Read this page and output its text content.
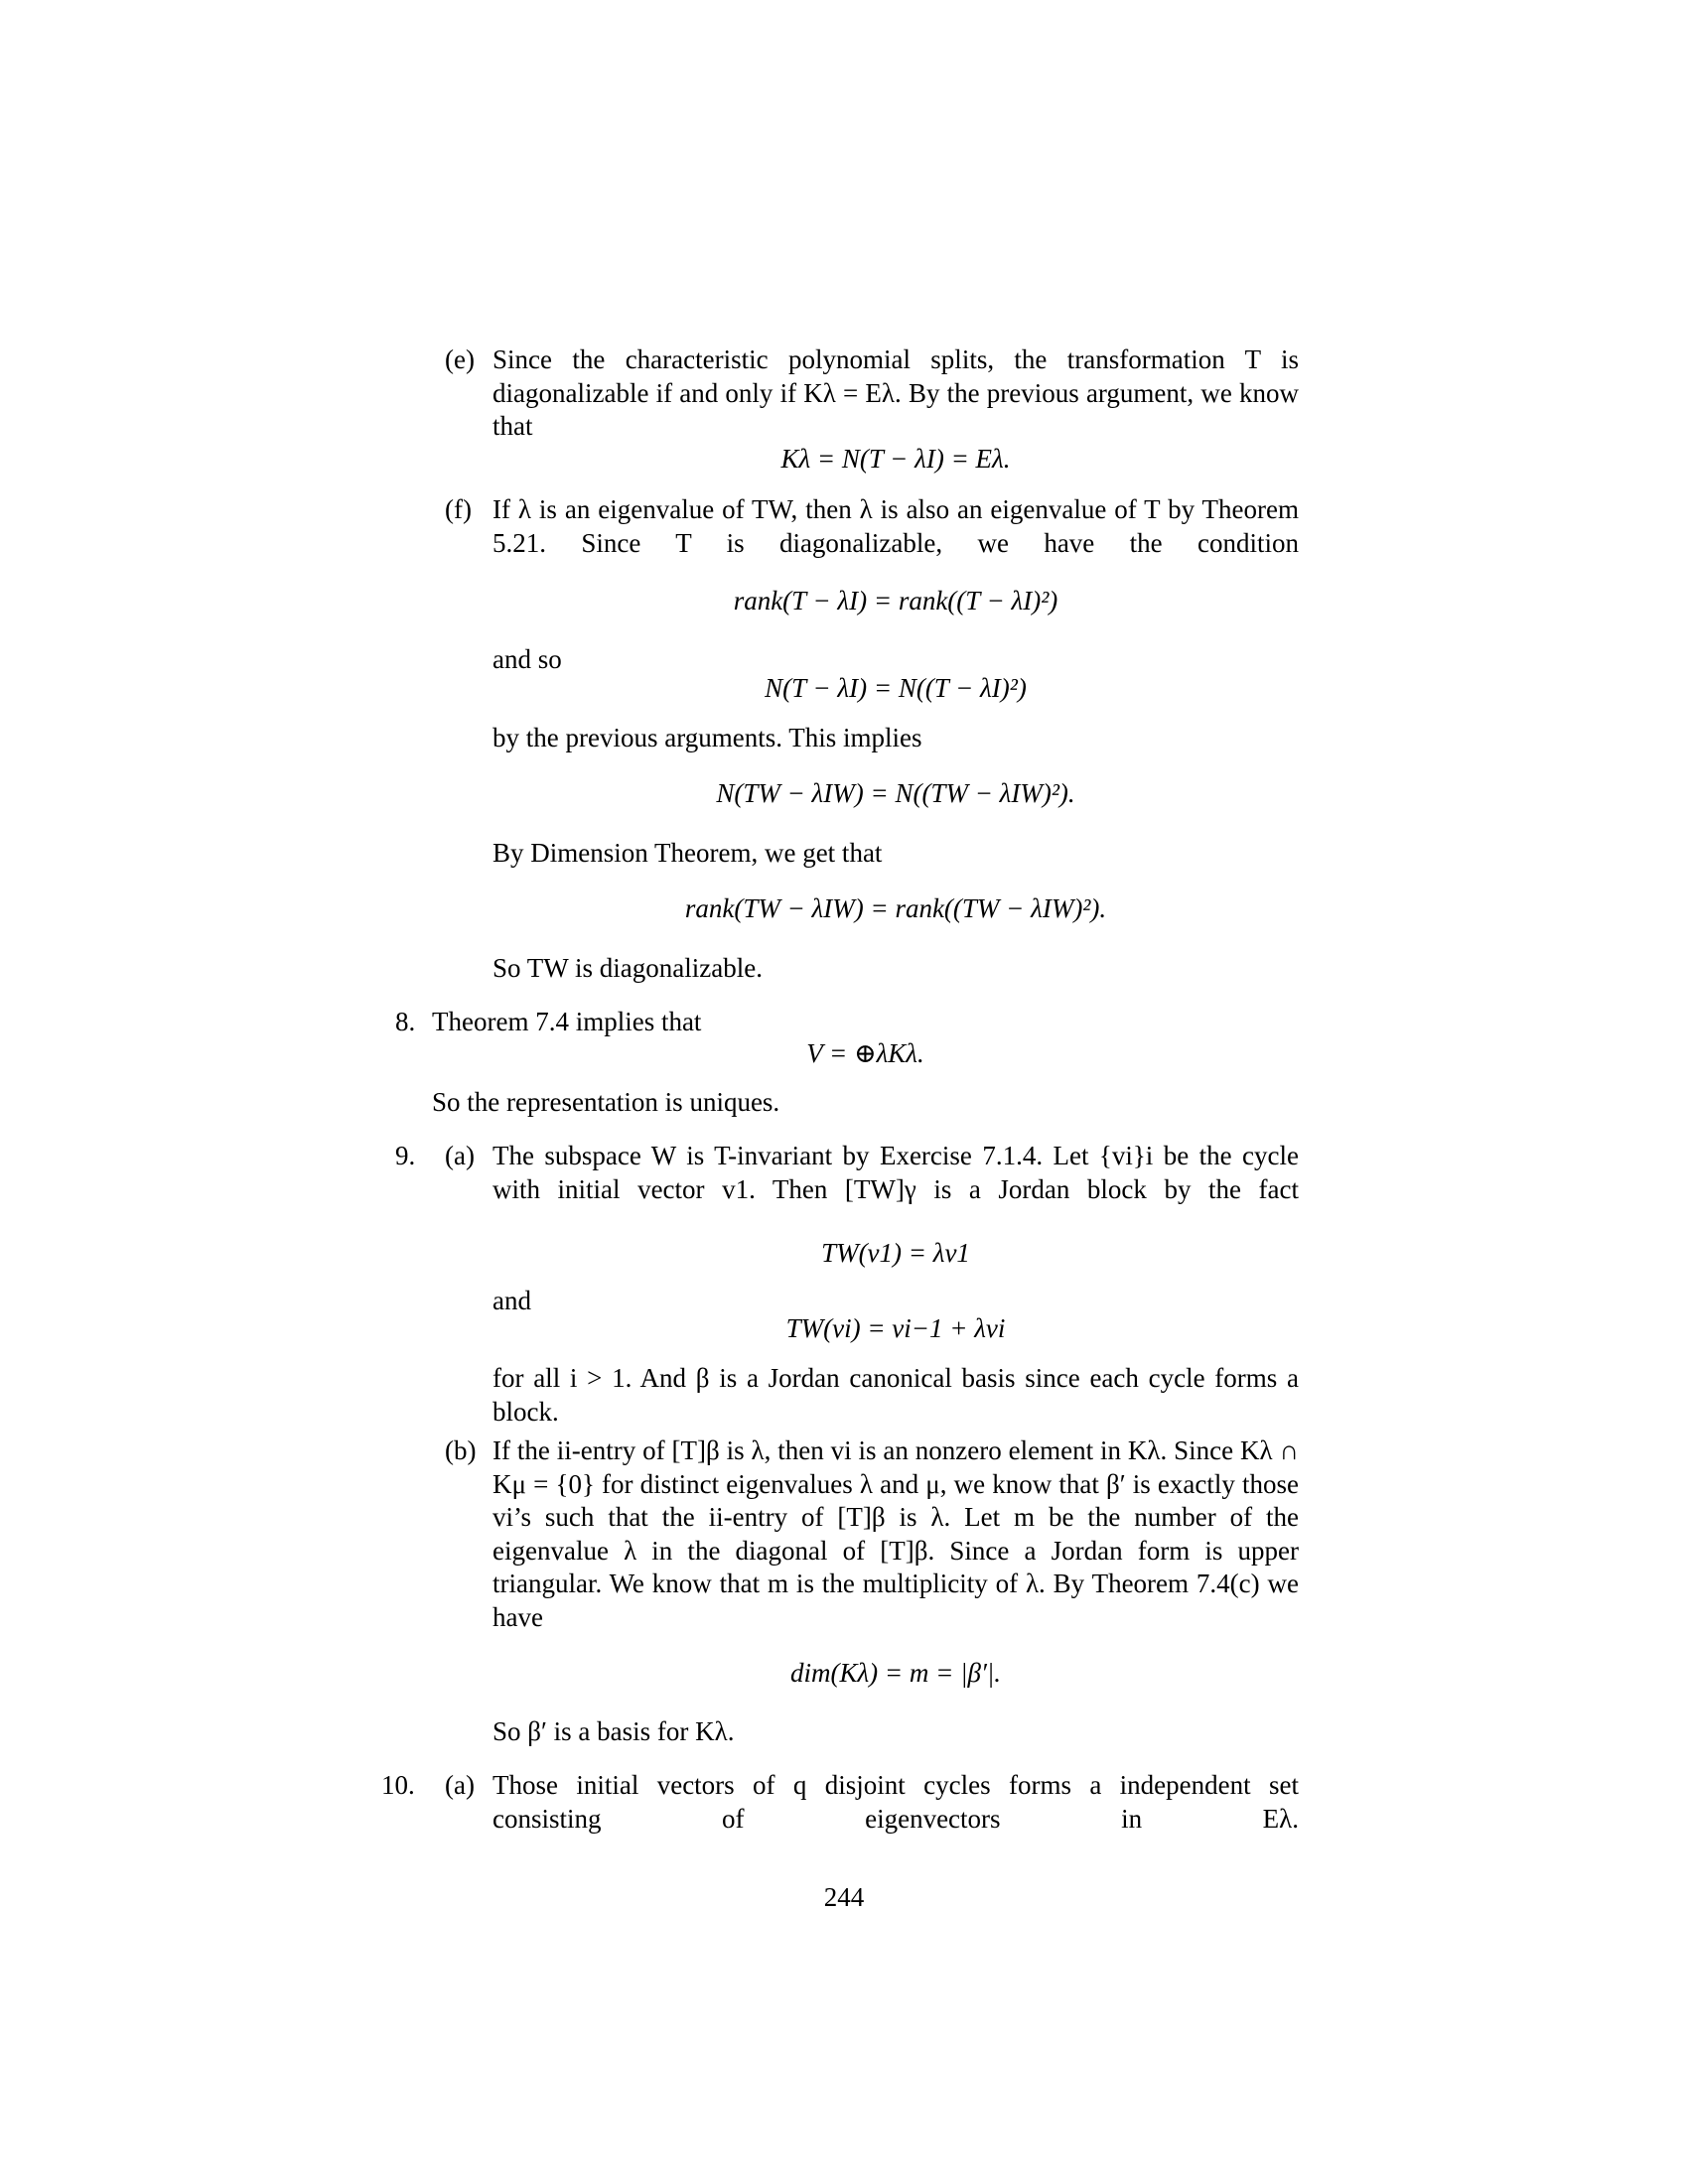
(e) Since the characteristic polynomial splits, the transformation T is diagonalizable if and only if Kλ = Eλ. By the previous argument, we know that

Kλ = N(T − λI) = Eλ.
(f) If λ is an eigenvalue of TW, then λ is also an eigenvalue of T by Theorem 5.21. Since T is diagonalizable, we have the condition

rank(T − λI) = rank((T − λI)²)

and so

N(T − λI) = N((T − λI)²)

by the previous arguments. This implies

N(TW − λIW) = N((TW − λIW)²).

By Dimension Theorem, we get that

rank(TW − λIW) = rank((TW − λIW)²).

So TW is diagonalizable.

8. Theorem 7.4 implies that

V = ⊕λKλ.

So the representation is uniques.

9. (a) The subspace W is T-invariant by Exercise 7.1.4. Let {vi}i be the cycle with initial vector v1. Then [TW]γ is a Jordan block by the fact

TW(v1) = λv1

and

TW(vi) = vi−1 + λvi

for all i > 1. And β is a Jordan canonical basis since each cycle forms a block.

(b) If the ii-entry of [T]β is λ, then vi is an nonzero element in Kλ. Since Kλ ∩ Kμ = {0} for distinct eigenvalues λ and μ, we know that β′ is exactly those vi’s such that the ii-entry of [T]β is λ. Let m be the number of the eigenvalue λ in the diagonal of [T]β. Since a Jordan form is upper triangular. We know that m is the multiplicity of λ. By Theorem 7.4(c) we have

dim(Kλ) = m = |β′|.

So β′ is a basis for Kλ.

10. (a) Those initial vectors of q disjoint cycles forms a independent set consisting of eigenvectors in Eλ.

244
